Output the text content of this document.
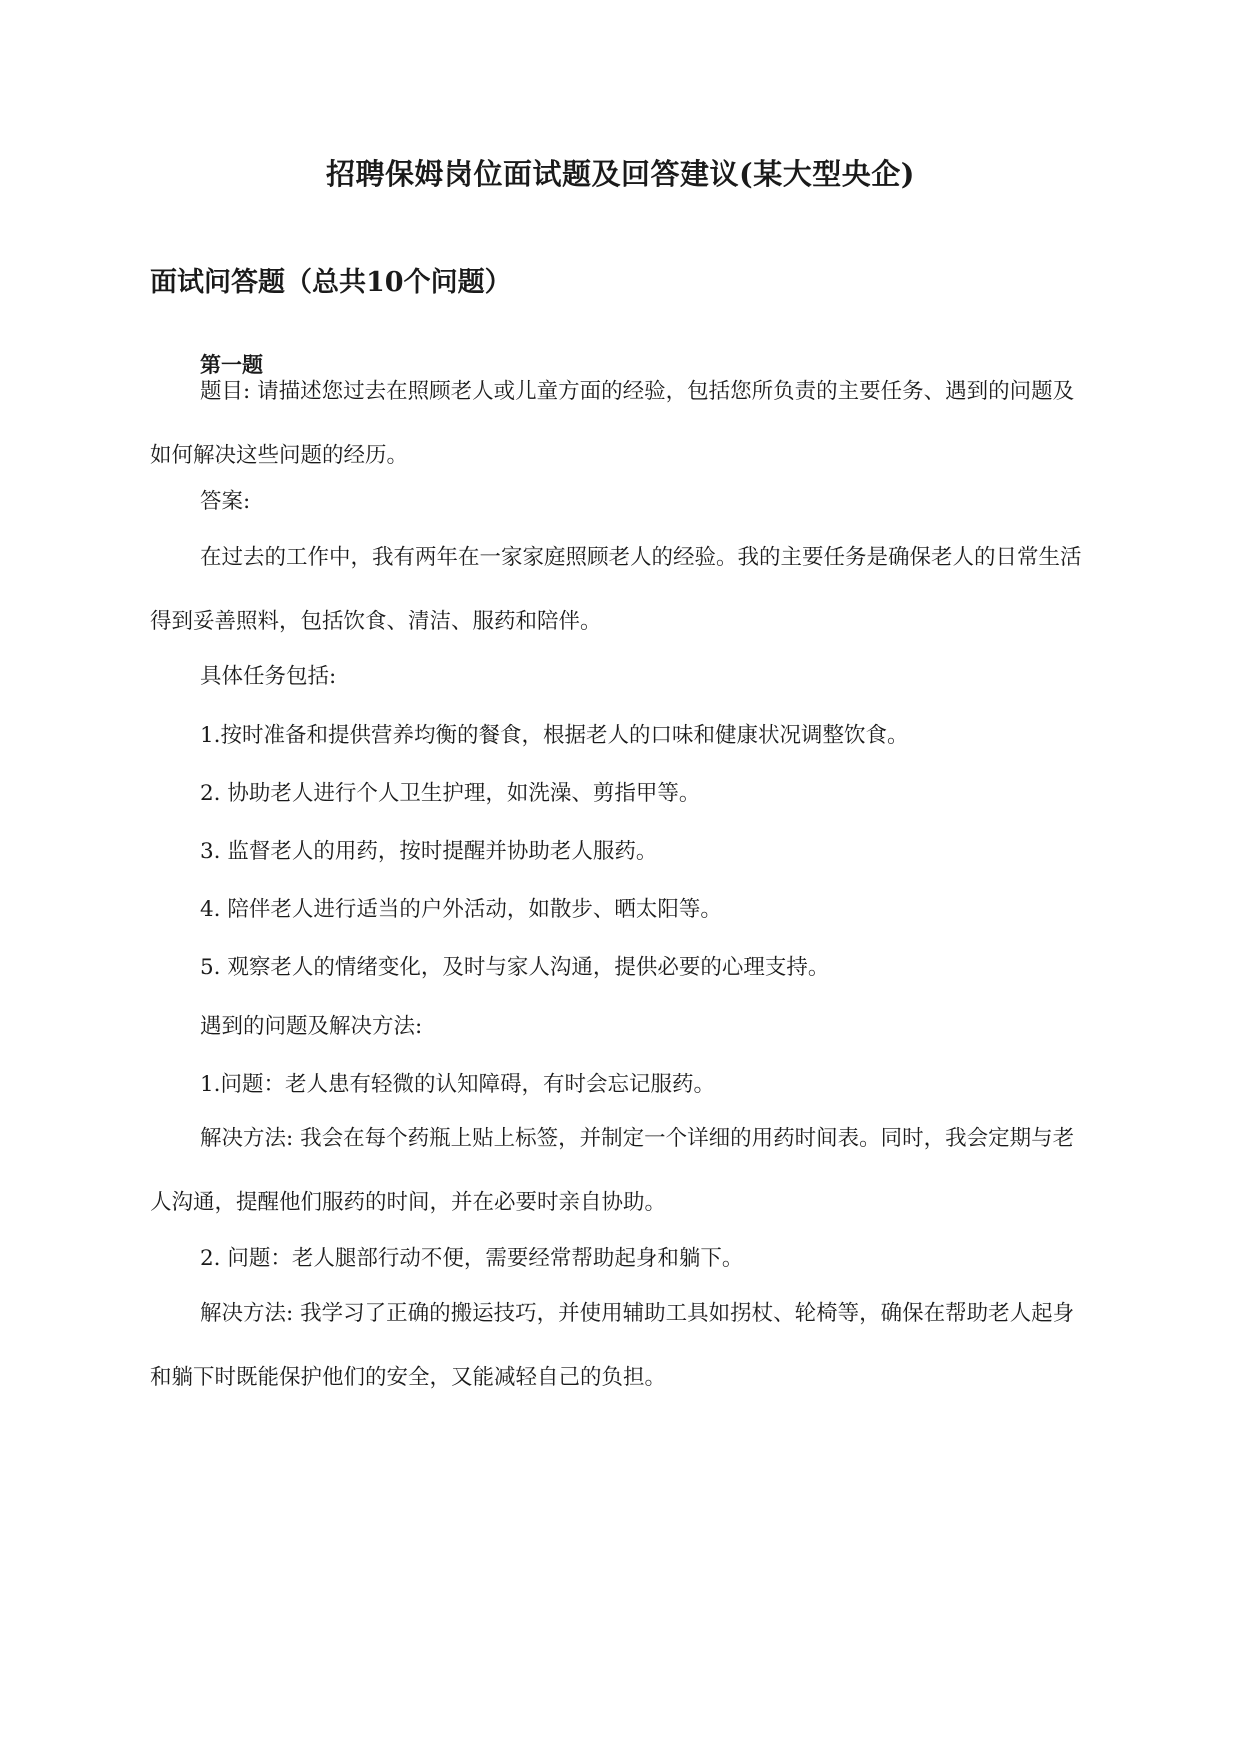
招聘保姆岗位面试题及回答建议(某大型央企)
面试问答题（总共10个问题）
第一题

题目: 请描述您过去在照顾老人或儿童方面的经验，包括您所负责的主要任务、遇到的问题及如何解决这些问题的经历。

答案:

在过去的工作中，我有两年在一家家庭照顾老人的经验。我的主要任务是确保老人的日常生活得到妥善照料，包括饮食、清洁、服药和陪伴。

具体任务包括:

1.按时准备和提供营养均衡的餐食，根据老人的口味和健康状况调整饮食。

2. 协助老人进行个人卫生护理，如洗澡、剪指甲等。

3. 监督老人的用药，按时提醒并协助老人服药。

4. 陪伴老人进行适当的户外活动，如散步、晒太阳等。

5. 观察老人的情绪变化，及时与家人沟通，提供必要的心理支持。

遇到的问题及解决方法:

1.问题：老人患有轻微的认知障碍，有时会忘记服药。

解决方法: 我会在每个药瓶上贴上标签，并制定一个详细的用药时间表。同时，我会定期与老人沟通，提醒他们服药的时间，并在必要时亲自协助。

2. 问题：老人腿部行动不便，需要经常帮助起身和躺下。

解决方法: 我学习了正确的搬运技巧，并使用辅助工具如拐杖、轮椅等，确保在帮助老人起身和躺下时既能保护他们的安全，又能减轻自己的负担。
